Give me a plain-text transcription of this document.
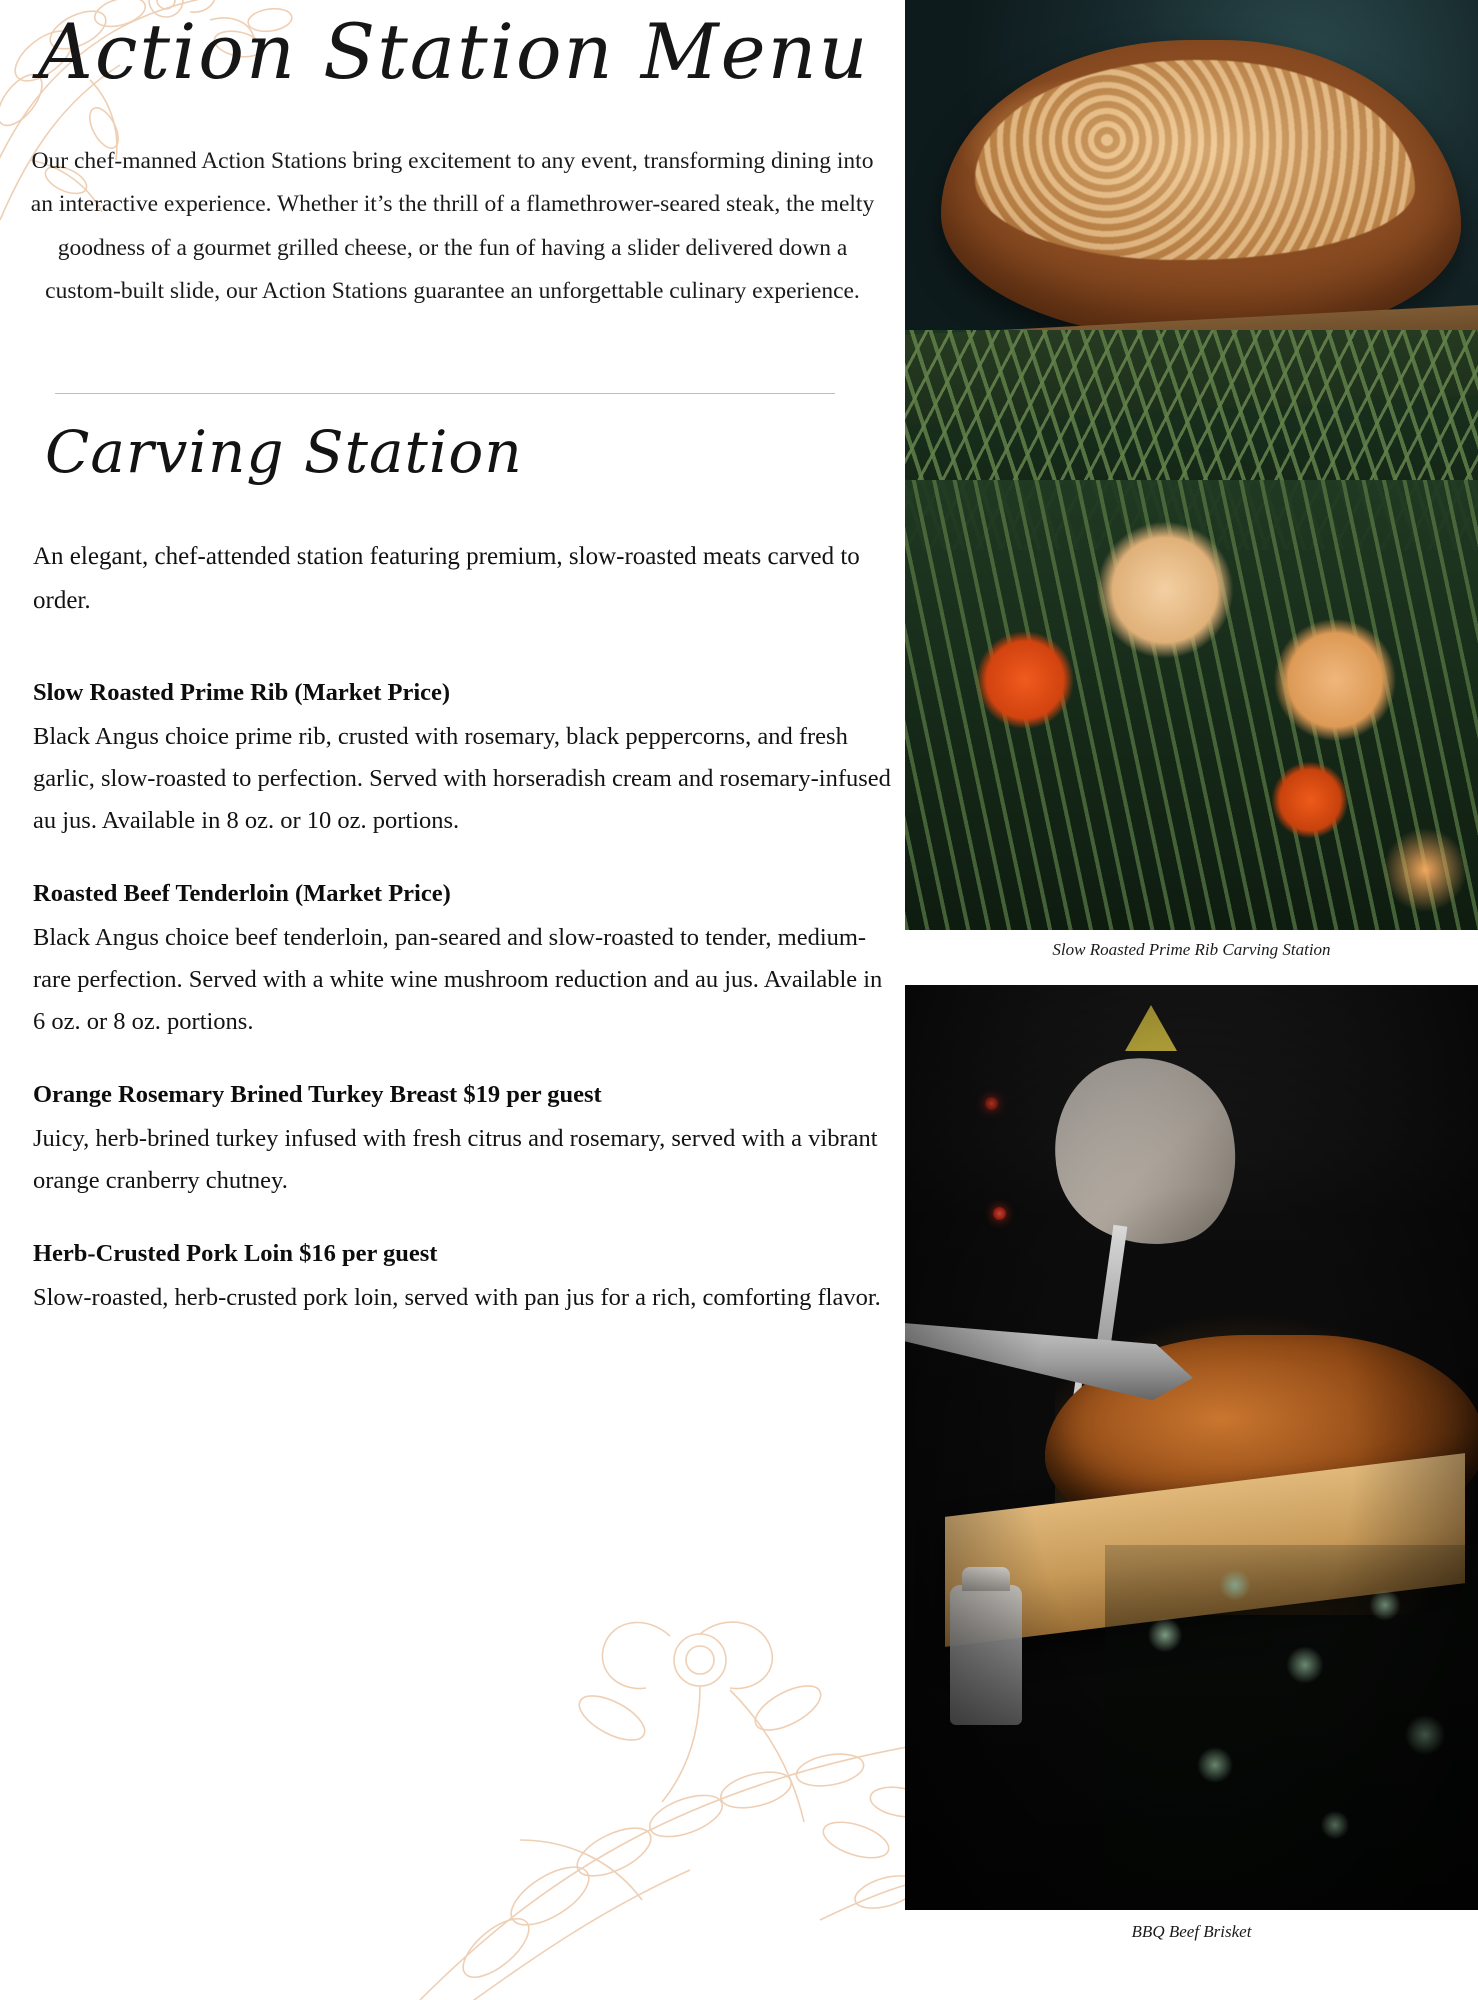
Action Station Menu
Our chef-manned Action Stations bring excitement to any event, transforming dining into an interactive experience. Whether it’s the thrill of a flamethrower-seared steak, the melty goodness of a gourmet grilled cheese, or the fun of having a slider delivered down a custom-built slide, our Action Stations guarantee an unforgettable culinary experience.
Carving Station
An elegant, chef-attended station featuring premium, slow-roasted meats carved to order.
Slow Roasted Prime Rib (Market Price)
Black Angus choice prime rib, crusted with rosemary, black peppercorns, and fresh garlic, slow-roasted to perfection. Served with horseradish cream and rosemary-infused au jus. Available in 8 oz. or 10 oz. portions.
Roasted Beef Tenderloin (Market Price)
Black Angus choice beef tenderloin, pan-seared and slow-roasted to tender, medium-rare perfection. Served with a white wine mushroom reduction and au jus. Available in 6 oz. or 8 oz. portions.
Orange Rosemary Brined Turkey Breast $19 per guest
Juicy, herb-brined turkey infused with fresh citrus and rosemary, served with a vibrant orange cranberry chutney.
Herb-Crusted Pork Loin $16 per guest
Slow-roasted, herb-crusted pork loin, served with pan jus for a rich, comforting flavor.
Slow Roasted Prime Rib Carving Station
BBQ Beef Brisket
